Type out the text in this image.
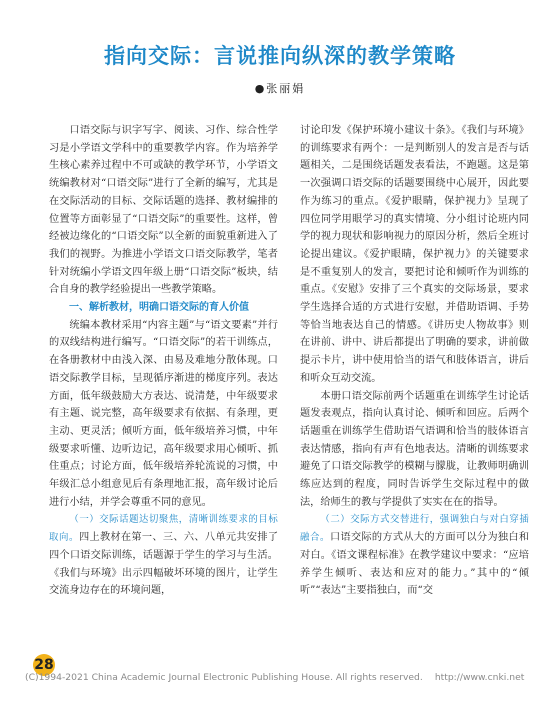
指向交际：言说推向纵深的教学策略
●张丽娟

口语交际与识字写字、阅读、习作、综合性学习是小学语文学科中的重要教学内容。作为培养学生核心素养过程中不可或缺的教学环节，小学语文统编教材对“口语交际”进行了全新的编写，尤其是在交际活动的目标、交际话题的选择、教材编排的位置等方面彰显了“口语交际”的重要性。这样，曾经被边缘化的“口语交际”以全新的面貌重新进入了我们的视野。为推进小学语文口语交际教学，笔者针对统编小学语文四年级上册“口语交际”板块，结合自身的教学经验提出一些教学策略。

一、解析教材，明确口语交际的育人价值

统编本教材采用“内容主题”与“语文要素”并行的双线结构进行编写。“口语交际”的若干训练点，在各册教材中由浅入深、由易及难地分散体现。口语交际教学目标，呈现循序渐进的梯度序列。表达方面，低年级鼓励大方表达、说清楚，中年级要求有主题、说完整，高年级要求有依据、有条理，更主动、更灵活；倾听方面，低年级培养习惯，中年级要求听懂、边听边记，高年级要求用心倾听、抓住重点；讨论方面，低年级培养轮流说的习惯，中年级汇总小组意见后有条理地汇报，高年级讨论后进行小结，并学会尊重不同的意见。

（一）交际话题达切聚焦，清晰训练要求的目标取向。四上教材在第一、三、六、八单元共安排了四个口语交际训练，话题源于学生的学习与生活。《我们与环境》出示四幅破坏环境的图片，让学生交流身边存在的环境问题，

讨论印发《保护环境小建议十条》。《我们与环境》的训练要求有两个：一是判断别人的发言是否与话题相关，二是围绕话题发表看法，不跑题。这是第一次强调口语交际的话题要围绕中心展开，因此要作为练习的重点。《爱护眼睛，保护视力》呈现了四位同学用眼学习的真实情境、分小组讨论班内同学的视力现状和影响视力的原因分析，然后全班讨论提出建议。《爱护眼睛，保护视力》的关键要求是不重复别人的发言，要把讨论和倾听作为训练的重点。《安慰》安排了三个真实的交际场景，要求学生选择合适的方式进行安慰，并借助语调、手势等恰当地表达自己的情感。《讲历史人物故事》则在讲前、讲中、讲后都提出了明确的要求，讲前做提示卡片，讲中使用恰当的语气和肢体语言，讲后和听众互动交流。

本册口语交际前两个话题重在训练学生讨论话题发表观点，指向认真讨论、倾听和回应。后两个话题重在训练学生借助语气语调和恰当的肢体语言表达情感，指向有声有色地表达。清晰的训练要求避免了口语交际教学的模糊与朦胧，让教师明确训练应达到的程度，同时告诉学生交际过程中的做法，给师生的教与学提供了实实在在的指导。

（二）交际方式交替进行，强调独白与对白穿插融合。口语交际的方式从大的方面可以分为独白和对白。《语文课程标准》在教学建议中要求：“应培养学生倾听、表达和应对的能力。”其中的“倾听”“表达”主要指独白，而“交

28
(C)1994-2021 China Academic Journal Electronic Publishing House. All rights reserved. http://www.cnki.net
